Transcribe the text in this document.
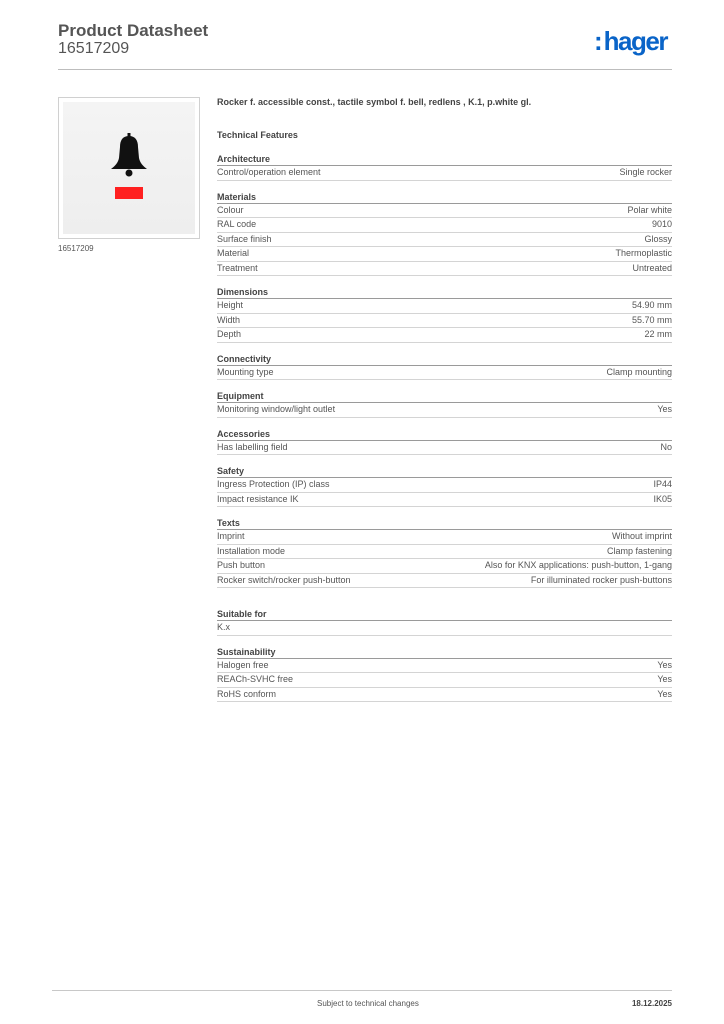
Product Datasheet
16517209	:hager
16517209
Rocker f. accessible const., tactile symbol f. bell, redlens , K.1, p.white gl.
Technical Features
Architecture
Control/operation element	Single rocker
Materials
Colour	Polar white
RAL code	9010
Surface finish	Glossy
Material	Thermoplastic
Treatment	Untreated
Dimensions
Height	54.90 mm
Width	55.70 mm
Depth	22 mm
Connectivity
Mounting type	Clamp mounting
Equipment
Monitoring window/light outlet	Yes
Accessories
Has labelling field	No
Safety
Ingress Protection (IP) class	IP44
Impact resistance IK	IK05
Texts
Imprint	Without imprint
Installation mode	Clamp fastening
Push button	Also for KNX applications: push-button, 1-gang
Rocker switch/rocker push-button	For illuminated rocker push-buttons
Suitable for
K.x
Sustainability
Halogen free	Yes
REACh-SVHC free	Yes
RoHS conform	Yes
Subject to technical changes	18.12.2025
